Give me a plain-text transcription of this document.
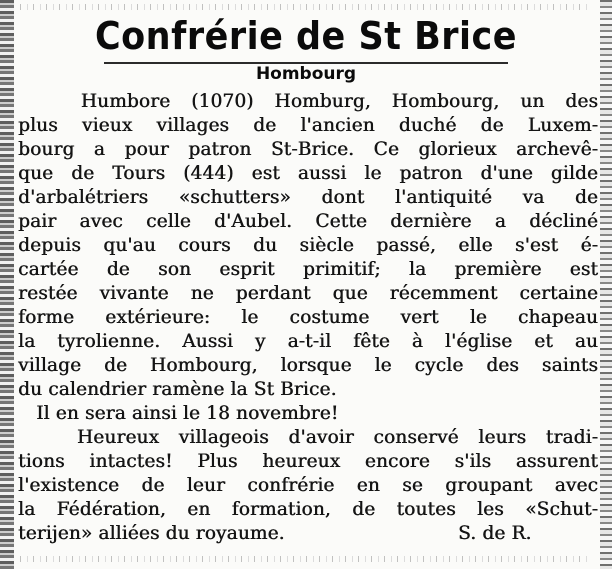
Confrérie de St Brice
Hombourg
Humbore (1070) Homburg, Hombourg, un des
plus vieux villages de l'ancien duché de Luxem-
bourg a pour patron St-Brice. Ce glorieux archevê-
que de Tours (444) est aussi le patron d'une gilde
d'arbalétriers «schutters» dont l'antiquité va de
pair avec celle d'Aubel. Cette dernière a décliné
depuis qu'au cours du siècle passé, elle s'est é-
cartée de son esprit primitif; la première est
restée vivante ne perdant que récemment certaine
forme extérieure: le costume vert le chapeau
la tyrolienne. Aussi y a-t-il fête à l'église et au
village de Hombourg, lorsque le cycle des saints
du calendrier ramène la St Brice.
Il en sera ainsi le 18 novembre!
Heureux villageois d'avoir conservé leurs tradi-
tions intactes! Plus heureux encore s'ils assurent
l'existence de leur confrérie en se groupant avec
la Fédération, en formation, de toutes les «Schut-
terijen» alliées du royaume.	S. de R.
